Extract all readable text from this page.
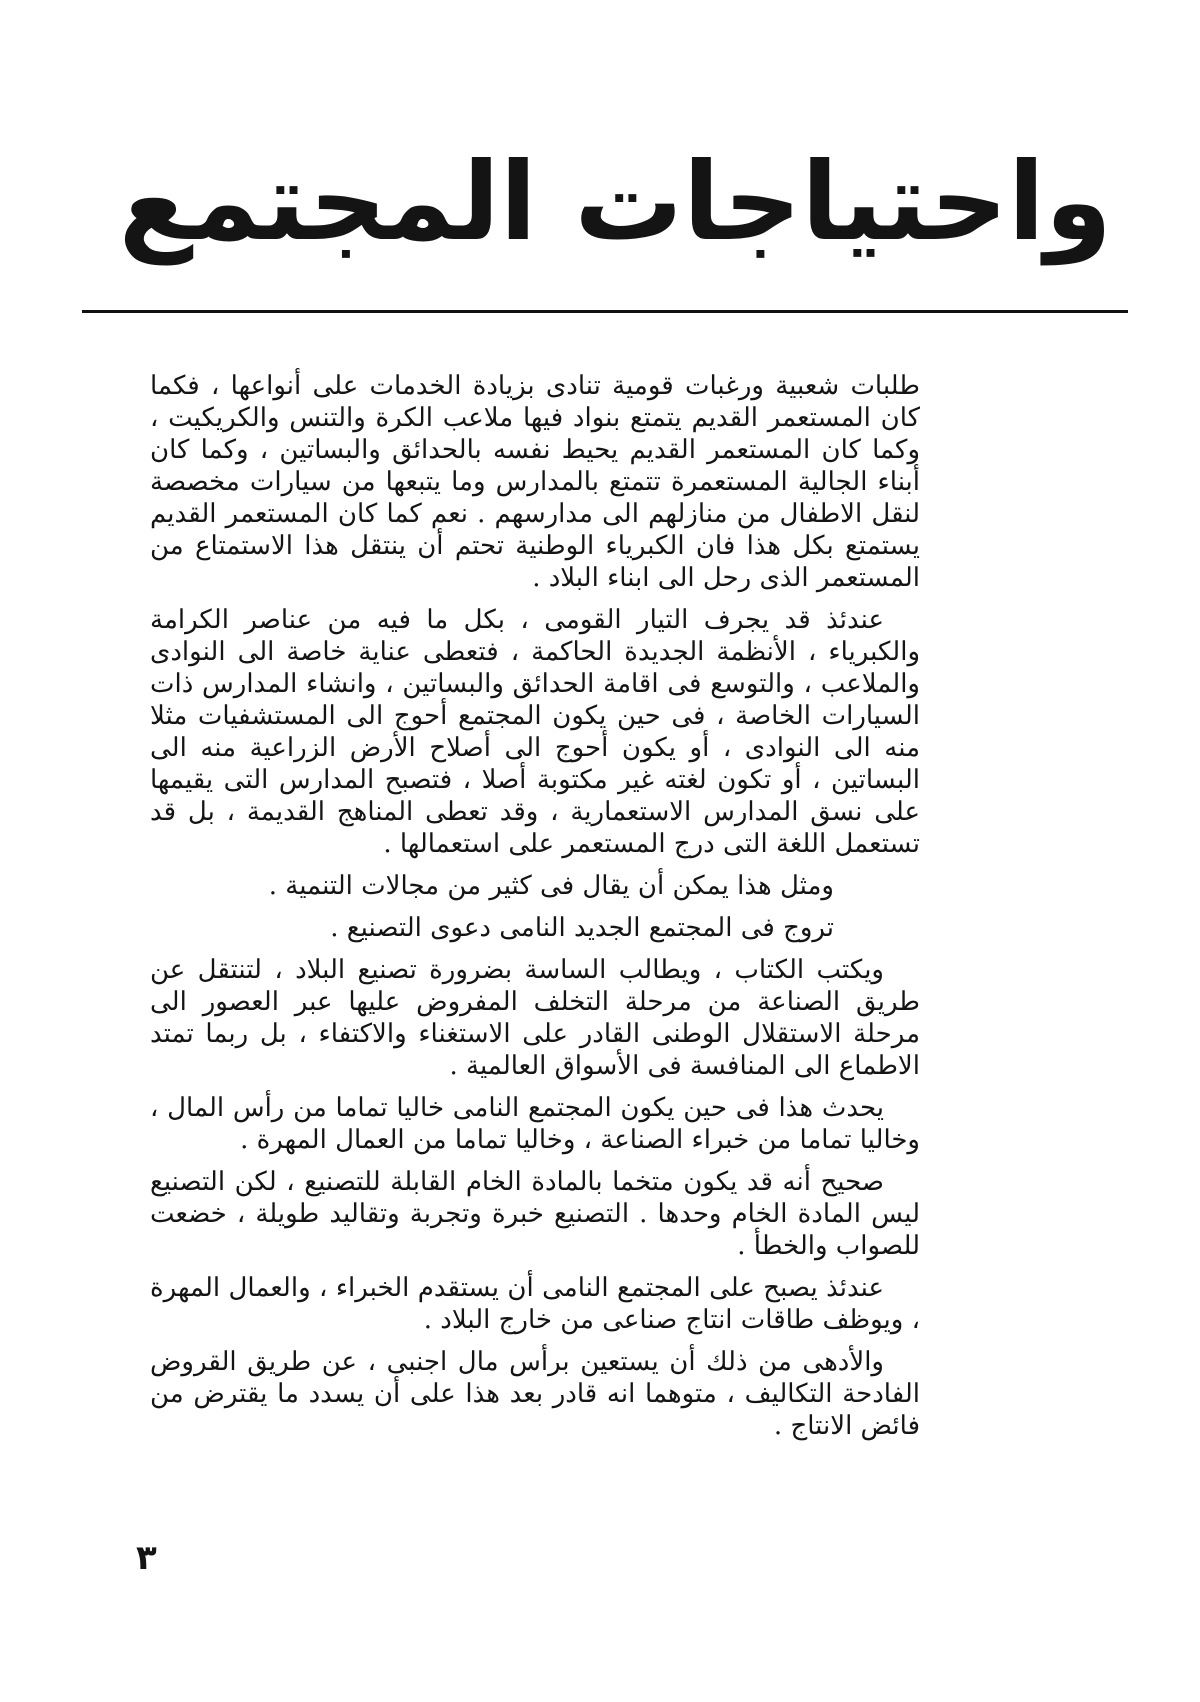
واحتياجات المجتمع

طلبات شعبية ورغبات قومية تنادى بزيادة الخدمات على أنواعها ، فكما كان المستعمر القديم يتمتع بنواد فيها ملاعب الكرة والتنس والكريكيت ، وكما كان المستعمر القديم يحيط نفسه بالحدائق والبساتين ، وكما كان أبناء الجالية المستعمرة تتمتع بالمدارس وما يتبعها من سيارات مخصصة لنقل الاطفال من منازلهم الى مدارسهم . نعم كما كان المستعمر القديم يستمتع بكل هذا فان الكبرياء الوطنية تحتم أن ينتقل هذا الاستمتاع من المستعمر الذى رحل الى ابناء البلاد .

عندئذ قد يجرف التيار القومى ، بكل ما فيه من عناصر الكرامة والكبرياء ، الأنظمة الجديدة الحاكمة ، فتعطى عناية خاصة الى النوادى والملاعب ، والتوسع فى اقامة الحدائق والبساتين ، وانشاء المدارس ذات السيارات الخاصة ، فى حين يكون المجتمع أحوج الى المستشفيات مثلا منه الى النوادى ، أو يكون أحوج الى أصلاح الأرض الزراعية منه الى البساتين ، أو تكون لغته غير مكتوبة أصلا ، فتصبح المدارس التى يقيمها على نسق المدارس الاستعمارية ، وقد تعطى المناهج القديمة ، بل قد تستعمل اللغة التى درج المستعمر على استعمالها .

ومثل هذا يمكن أن يقال فى كثير من مجالات التنمية .

تروج فى المجتمع الجديد النامى دعوى التصنيع .

ويكتب الكتاب ، ويطالب الساسة بضرورة تصنيع البلاد ، لتنتقل عن طريق الصناعة من مرحلة التخلف المفروض عليها عبر العصور الى مرحلة الاستقلال الوطنى القادر على الاستغناء والاكتفاء ، بل ربما تمتد الاطماع الى المنافسة فى الأسواق العالمية .

يحدث هذا فى حين يكون المجتمع النامى خاليا تماما من رأس المال ، وخاليا تماما من خبراء الصناعة ، وخاليا تماما من العمال المهرة .

صحيح أنه قد يكون متخما بالمادة الخام القابلة للتصنيع ، لكن التصنيع ليس المادة الخام وحدها . التصنيع خبرة وتجربة وتقاليد طويلة ، خضعت للصواب والخطأ .

عندئذ يصبح على المجتمع النامى أن يستقدم الخبراء ، والعمال المهرة ، ويوظف طاقات انتاج صناعى من خارج البلاد .

والأدهى من ذلك أن يستعين برأس مال اجنبى ، عن طريق القروض الفادحة التكاليف ، متوهما انه قادر بعد هذا على أن يسدد ما يقترض من فائض الانتاج .

٣
